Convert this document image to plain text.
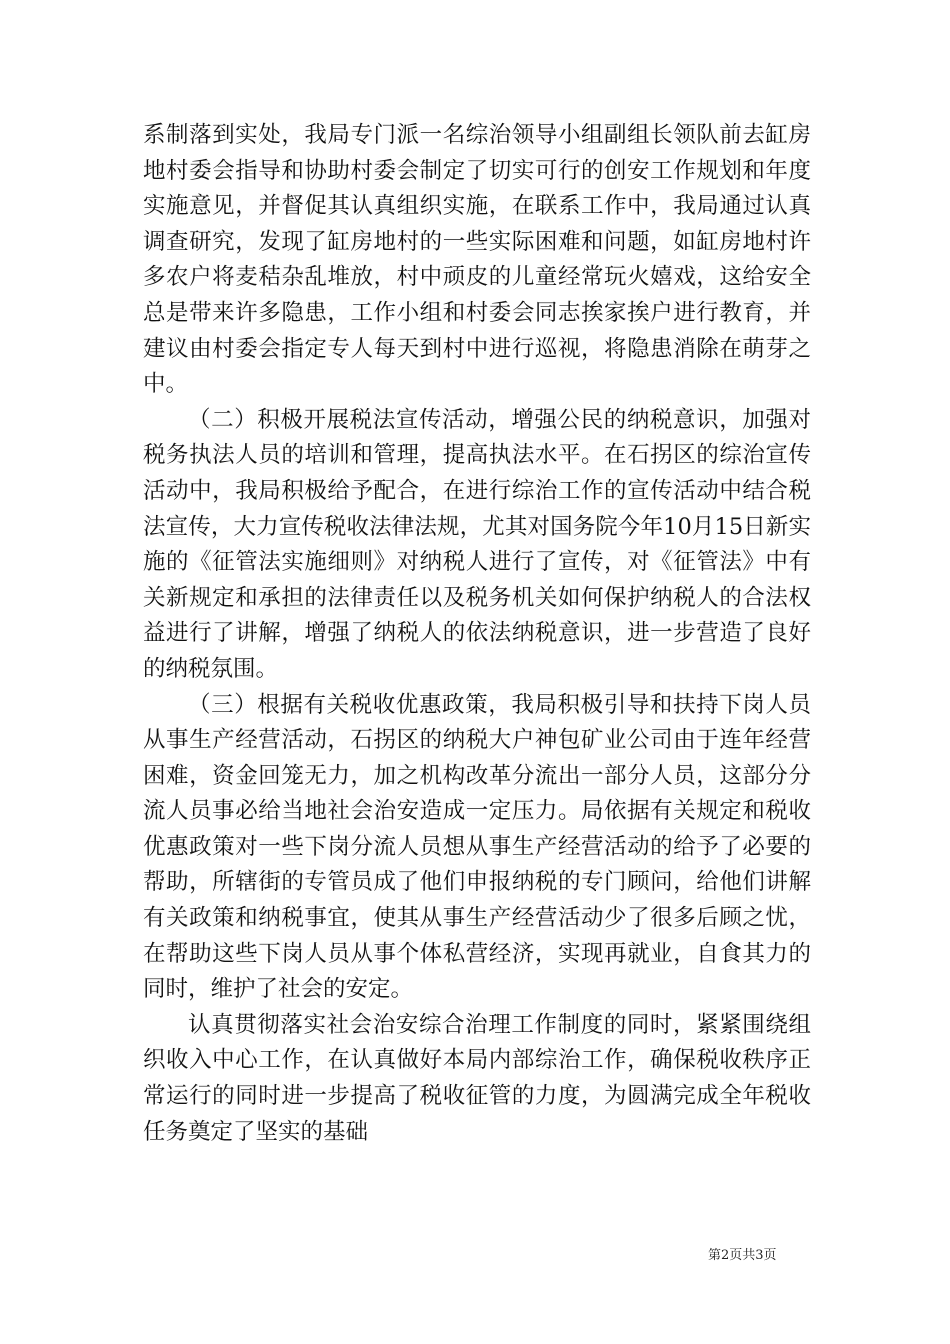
系制落到实处，我局专门派一名综治领导小组副组长领队前去缸房地村委会指导和协助村委会制定了切实可行的创安工作规划和年度实施意见，并督促其认真组织实施，在联系工作中，我局通过认真调查研究，发现了缸房地村的一些实际困难和问题，如缸房地村许多农户将麦秸杂乱堆放，村中顽皮的儿童经常玩火嬉戏，这给安全总是带来许多隐患，工作小组和村委会同志挨家挨户进行教育，并建议由村委会指定专人每天到村中进行巡视，将隐患消除在萌芽之中。

（二）积极开展税法宣传活动，增强公民的纳税意识，加强对税务执法人员的培训和管理，提高执法水平。在石拐区的综治宣传活动中，我局积极给予配合，在进行综治工作的宣传活动中结合税法宣传，大力宣传税收法律法规，尤其对国务院今年10月15日新实施的《征管法实施细则》对纳税人进行了宣传，对《征管法》中有关新规定和承担的法律责任以及税务机关如何保护纳税人的合法权益进行了讲解，增强了纳税人的依法纳税意识，进一步营造了良好的纳税氛围。

（三）根据有关税收优惠政策，我局积极引导和扶持下岗人员从事生产经营活动，石拐区的纳税大户神包矿业公司由于连年经营困难，资金回笼无力，加之机构改革分流出一部分人员，这部分分流人员事必给当地社会治安造成一定压力。局依据有关规定和税收优惠政策对一些下岗分流人员想从事生产经营活动的给予了必要的帮助，所辖街的专管员成了他们申报纳税的专门顾问，给他们讲解有关政策和纳税事宜，使其从事生产经营活动少了很多后顾之忧，在帮助这些下岗人员从事个体私营经济，实现再就业，自食其力的同时，维护了社会的安定。

认真贯彻落实社会治安综合治理工作制度的同时，紧紧围绕组织收入中心工作，在认真做好本局内部综治工作，确保税收秩序正常运行的同时进一步提高了税收征管的力度，为圆满完成全年税收任务奠定了坚实的基础

第2页共3页
